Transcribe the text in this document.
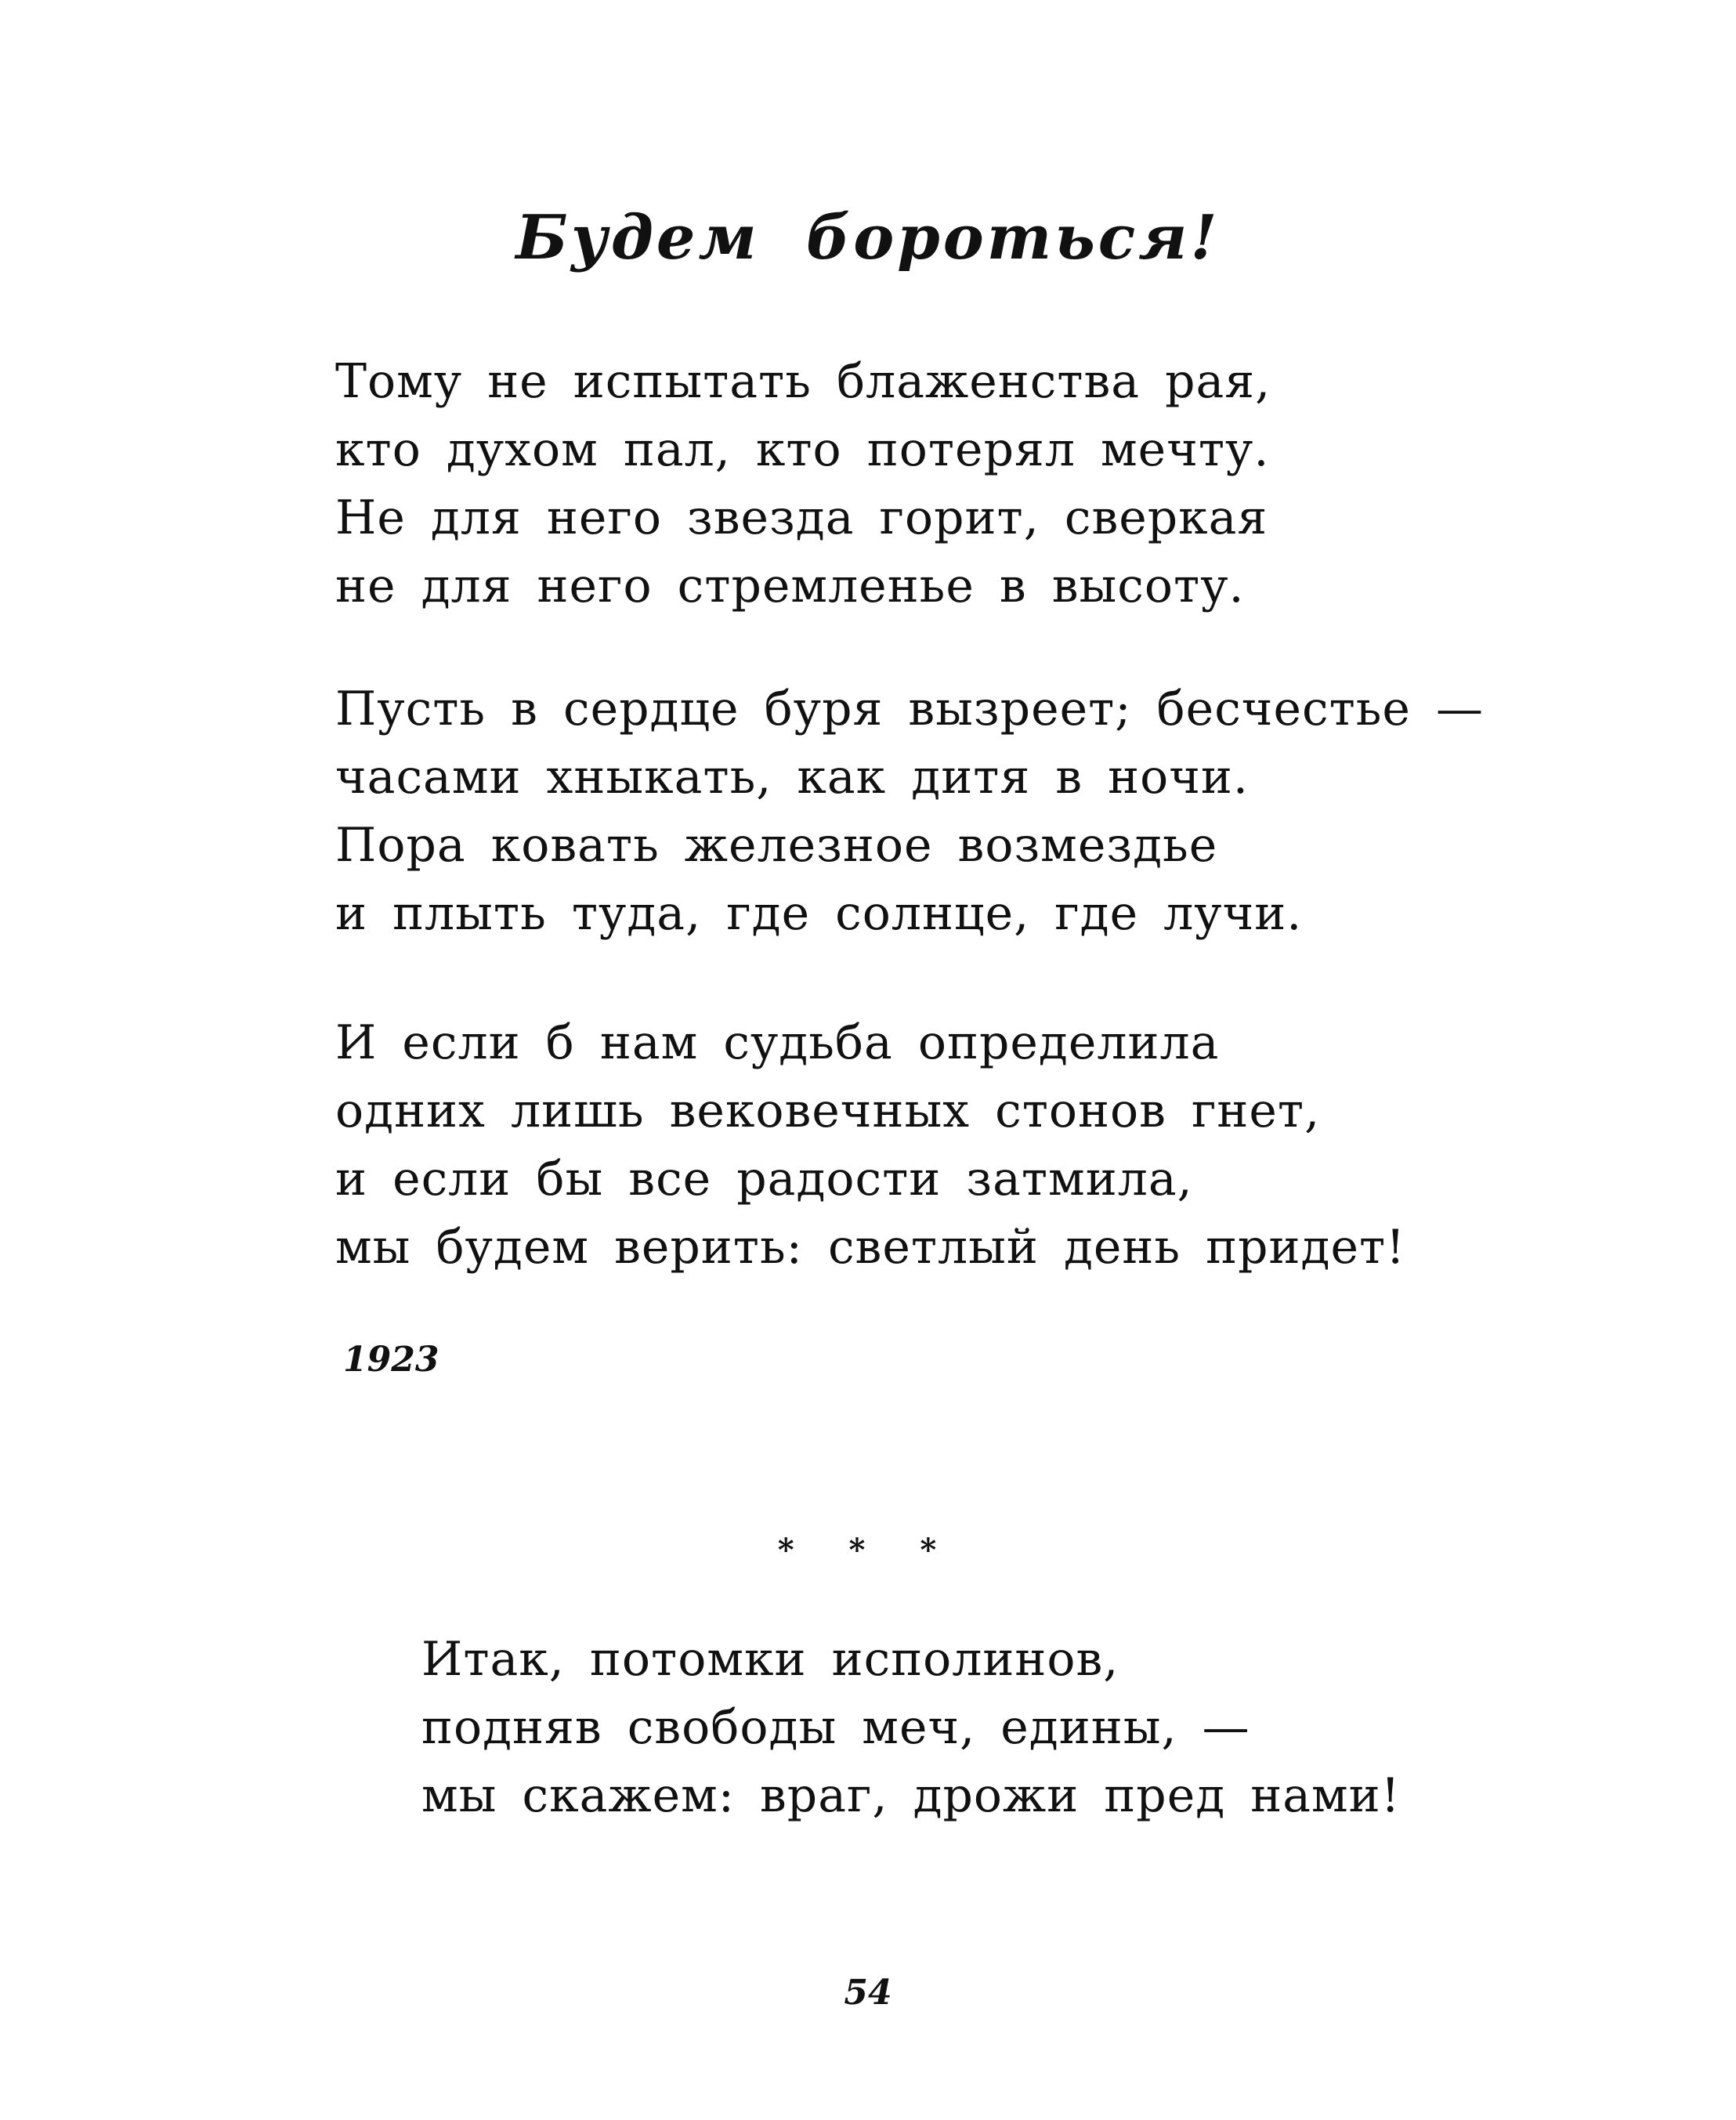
Будем бороться!
Тому не испытать блаженства рая,
кто духом пал, кто потерял мечту.
Не для него звезда горит, сверкая
не для него стремленье в высоту.
Пусть в сердце буря вызреет; бесчестье —
часами хныкать, как дитя в ночи.
Пора ковать железное возмездье
и плыть туда, где солнце, где лучи.
И если б нам судьба определила
одних лишь вековечных стонов гнет,
и если бы все радости затмила,
мы будем верить: светлый день придет!
1923
* * *
Итак, потомки исполинов,
подняв свободы меч, едины, —
мы скажем: враг, дрожи пред нами!
54
